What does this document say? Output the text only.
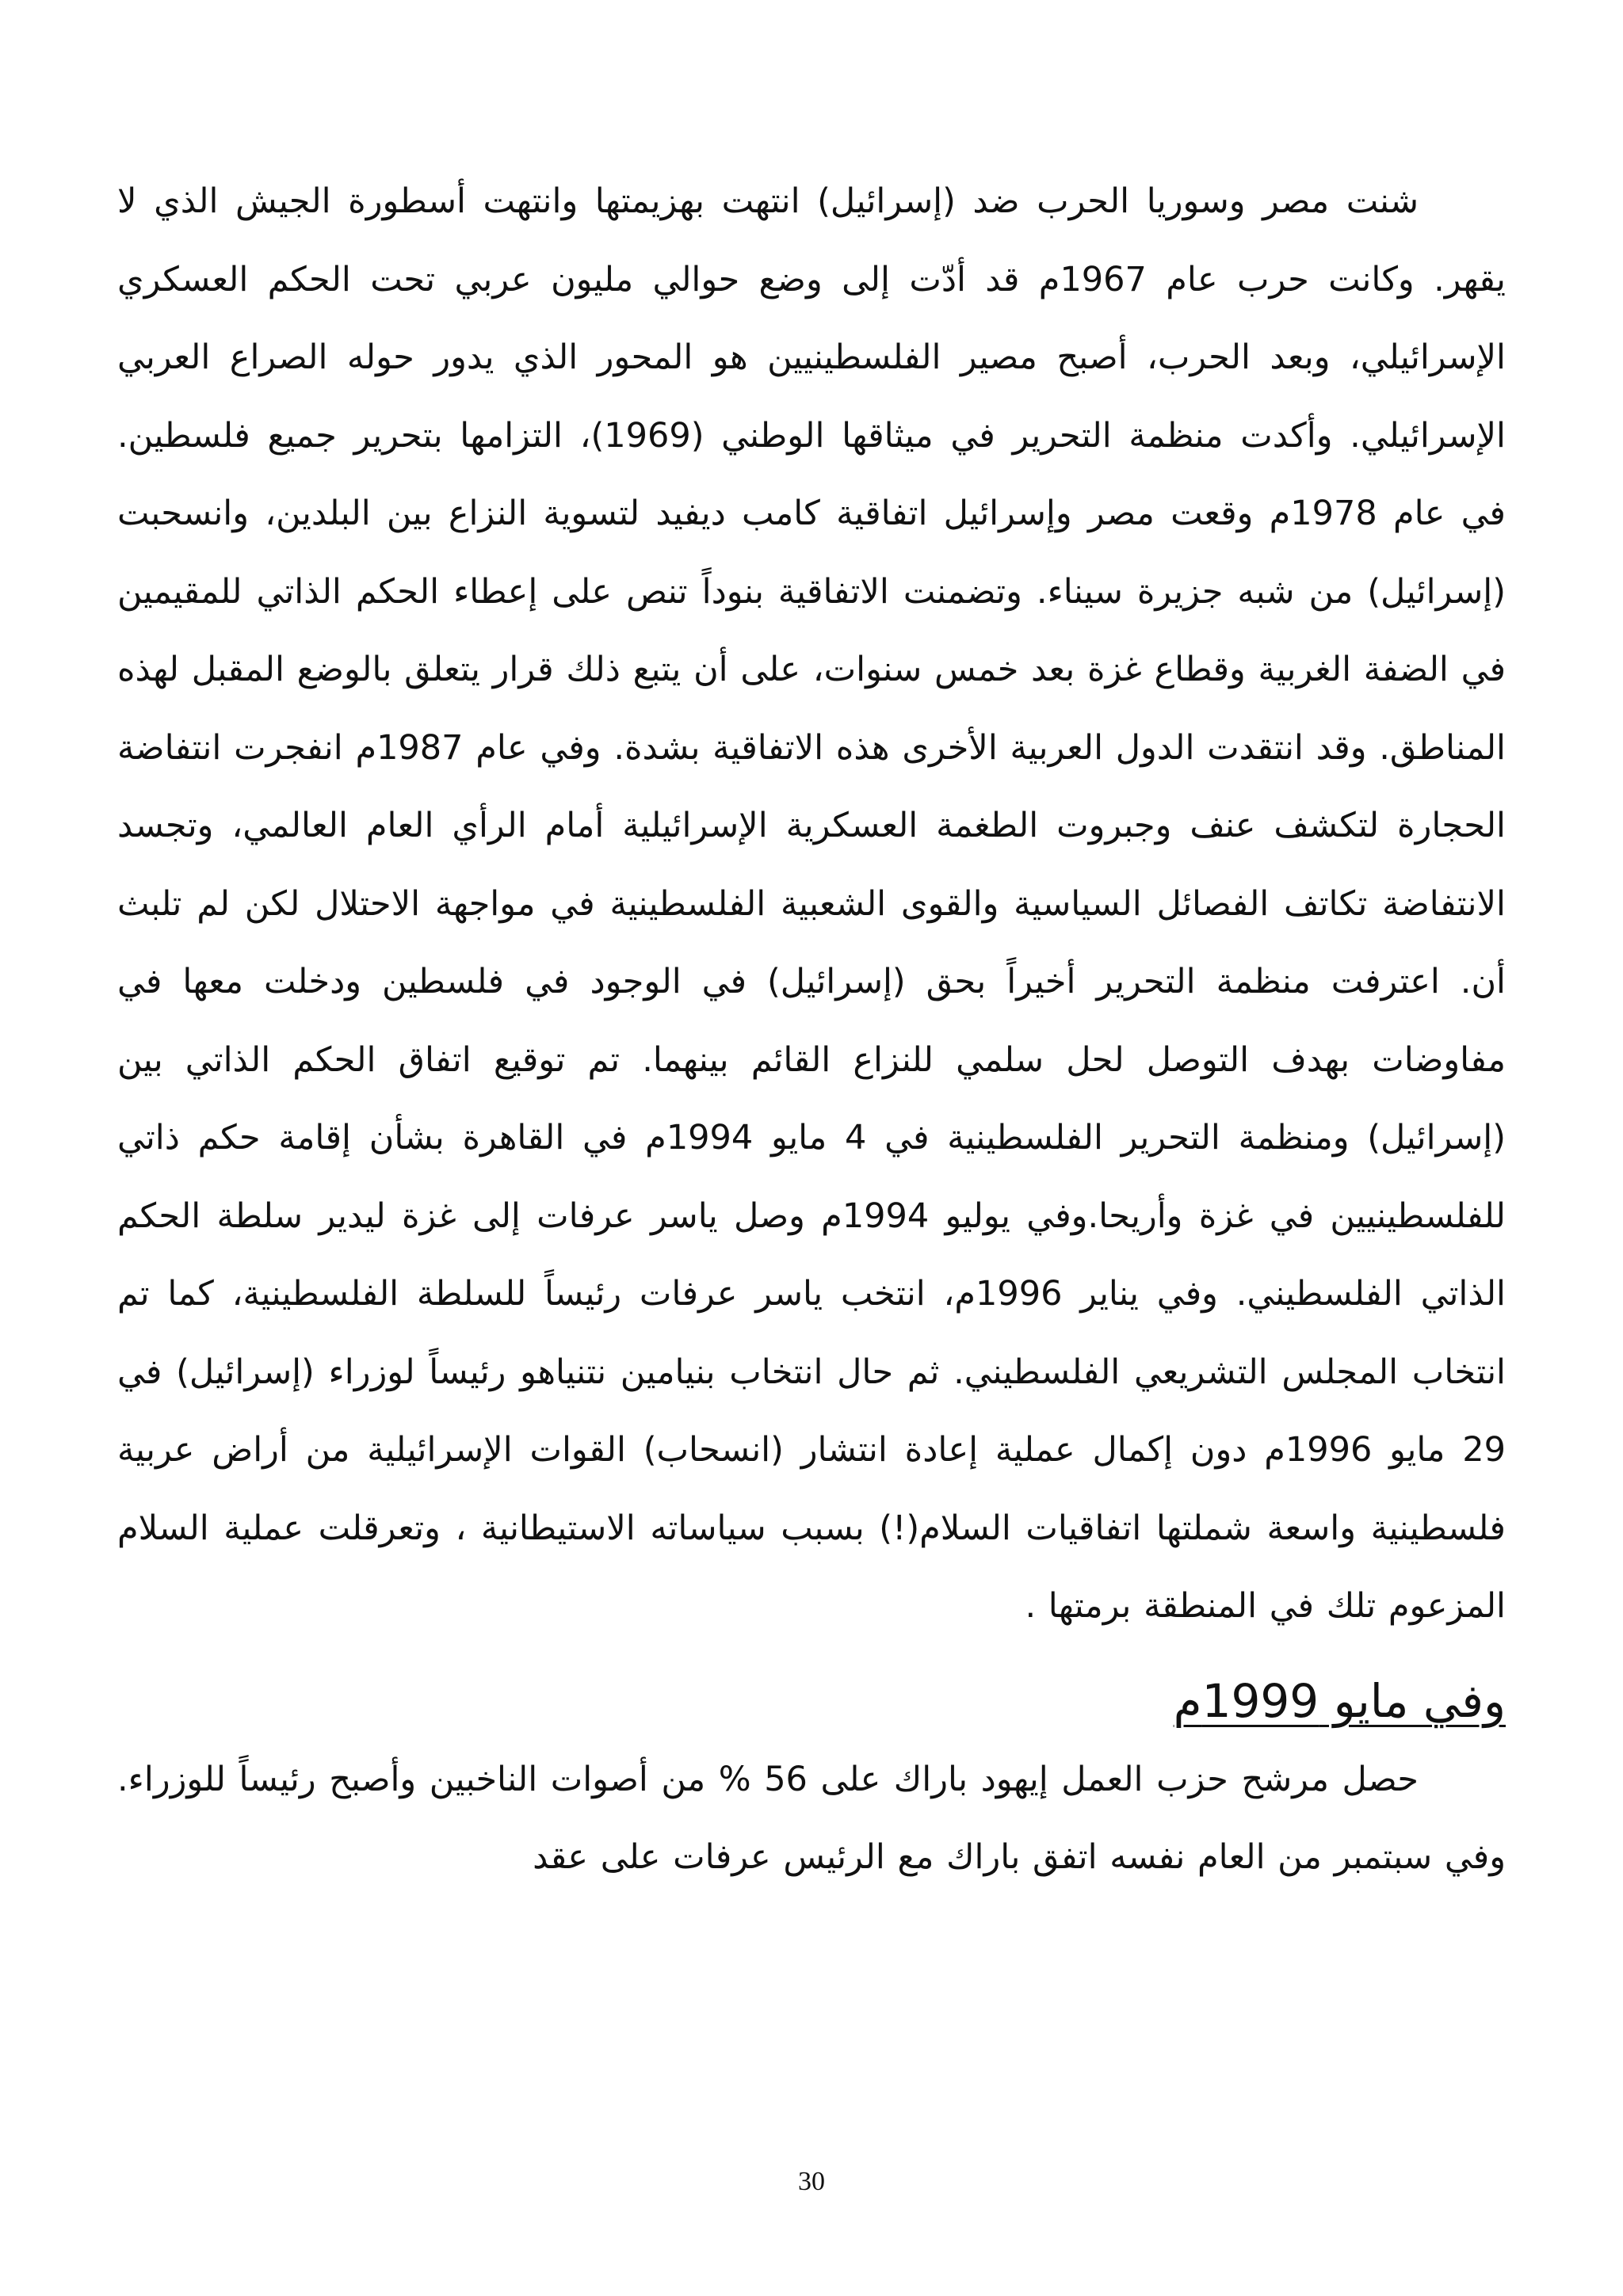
شنت مصر وسوريا الحرب ضد (إسرائيل) انتهت بهزيمتها وانتهت أسطورة الجيش الذي لا يقهر. وكانت حرب عام 1967م قد أدّت إلى وضع حوالي مليون عربي تحت الحكم العسكري الإسرائيلي، وبعد الحرب، أصبح مصير الفلسطينيين هو المحور الذي يدور حوله الصراع العربي الإسرائيلي. وأكدت منظمة التحرير في ميثاقها الوطني (1969)، التزامها بتحرير جميع فلسطين. في عام 1978م وقعت مصر وإسرائيل اتفاقية كامب ديفيد لتسوية النزاع بين البلدين، وانسحبت (إسرائيل) من شبه جزيرة سيناء. وتضمنت الاتفاقية بنوداً تنص على إعطاء الحكم الذاتي للمقيمين في الضفة الغربية وقطاع غزة بعد خمس سنوات، على أن يتبع ذلك قرار يتعلق بالوضع المقبل لهذه المناطق. وقد انتقدت الدول العربية الأخرى هذه الاتفاقية بشدة. وفي عام 1987م انفجرت انتفاضة الحجارة لتكشف عنف وجبروت الطغمة العسكرية الإسرائيلية أمام الرأي العام العالمي، وتجسد الانتفاضة تكاتف الفصائل السياسية والقوى الشعبية الفلسطينية في مواجهة الاحتلال لكن لم تلبث أن. اعترفت منظمة التحرير أخيراً بحق (إسرائيل) في الوجود في فلسطين ودخلت معها في مفاوضات بهدف التوصل لحل سلمي للنزاع القائم بينهما. تم توقيع اتفاق الحكم الذاتي بين (إسرائيل) ومنظمة التحرير الفلسطينية في 4 مايو 1994م في القاهرة بشأن إقامة حكم ذاتي للفلسطينيين في غزة وأريحا.وفي يوليو 1994م وصل ياسر عرفات إلى غزة ليدير سلطة الحكم الذاتي الفلسطيني. وفي يناير 1996م، انتخب ياسر عرفات رئيساً للسلطة الفلسطينية، كما تم انتخاب المجلس التشريعي الفلسطيني. ثم حال انتخاب بنيامين نتنياهو رئيساً لوزراء (إسرائيل) في 29 مايو 1996م دون إكمال عملية إعادة انتشار (انسحاب) القوات الإسرائيلية من أراض عربية فلسطينية واسعة شملتها اتفاقيات السلام(!) بسبب سياساته الاستيطانية ، وتعرقلت عملية السلام المزعوم تلك في المنطقة برمتها .

وفي مايو 1999م

حصل مرشح حزب العمل إيهود باراك على 56 % من أصوات الناخبين وأصبح رئيساً للوزراء. وفي سبتمبر من العام نفسه اتفق باراك مع الرئيس عرفات على عقد

30
